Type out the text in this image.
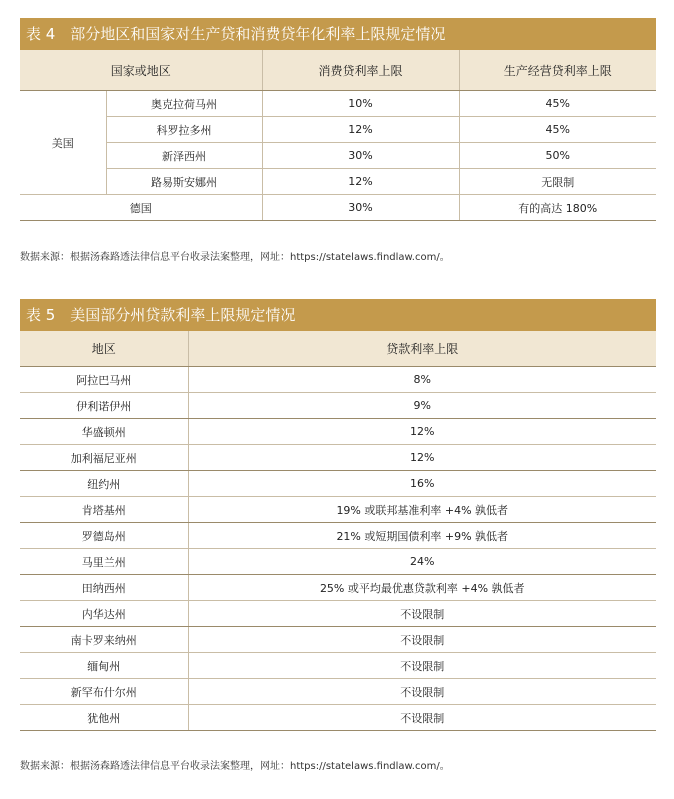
表 4　部分地区和国家对生产贷和消费贷年化利率上限规定情况
国家或地区		消费贷利率上限	生产经营贷利率上限
美国	奥克拉荷马州	10%	45%
	科罗拉多州	12%	45%
	新泽西州	30%	50%
	路易斯安娜州	12%	无限制
德国		30%	有的高达 180%
数据来源：根据汤森路透法律信息平台收录法案整理，网址：https://statelaws.findlaw.com/。
表 5　美国部分州贷款利率上限规定情况
地区	贷款利率上限
阿拉巴马州	8%
伊利诺伊州	9%
华盛顿州	12%
加利福尼亚州	12%
纽约州	16%
肯塔基州	19% 或联邦基准利率 +4% 孰低者
罗德岛州	21% 或短期国债利率 +9% 孰低者
马里兰州	24%
田纳西州	25% 或平均最优惠贷款利率 +4% 孰低者
内华达州	不设限制
南卡罗来纳州	不设限制
缅甸州	不设限制
新罕布什尔州	不设限制
犹他州	不设限制
数据来源：根据汤森路透法律信息平台收录法案整理，网址：https://statelaws.findlaw.com/。
